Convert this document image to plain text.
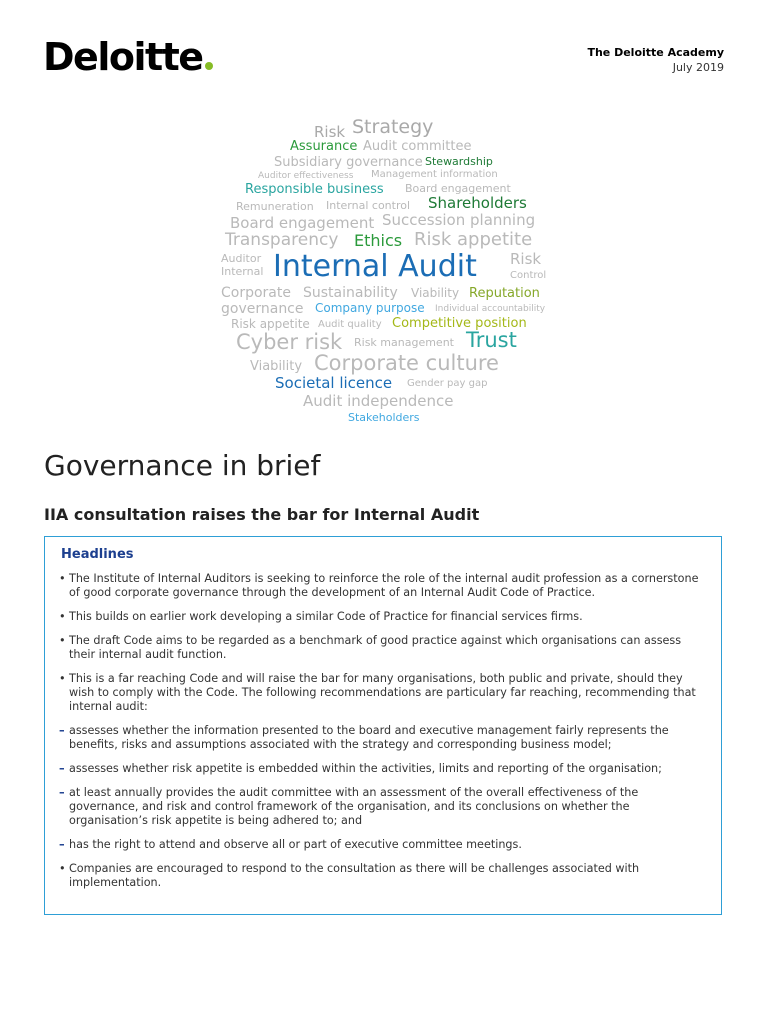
Deloitte	The Deloitte Academy
July 2019
Risk Strategy
Assurance Audit committee
Subsidiary governance Stewardship
Auditor effectiveness Management information
Responsible business Board engagement
Remuneration Internal control Shareholders
Board engagement Succession planning
Transparency Ethics Risk appetite
Auditor
Internal Internal Audit Risk
Control
Corporate Sustainability Viability Reputation
governance Company purpose Individual accountability
Risk appetite Audit quality Competitive position
Cyber risk Risk management Trust
Viability Corporate culture
Societal licence Gender pay gap
Audit independence
Stakeholders
Governance in brief
IIA consultation raises the bar for Internal Audit
Headlines
• The Institute of Internal Auditors is seeking to reinforce the role of the internal audit profession as a cornerstone of good corporate governance through the development of an Internal Audit Code of Practice.
• This builds on earlier work developing a similar Code of Practice for financial services firms.
• The draft Code aims to be regarded as a benchmark of good practice against which organisations can assess their internal audit function.
• This is a far reaching Code and will raise the bar for many organisations, both public and private, should they wish to comply with the Code. The following recommendations are particulary far reaching, recommending that internal audit:
– assesses whether the information presented to the board and executive management fairly represents the benefits, risks and assumptions associated with the strategy and corresponding business model;
– assesses whether risk appetite is embedded within the activities, limits and reporting of the organisation;
– at least annually provides the audit committee with an assessment of the overall effectiveness of the governance, and risk and control framework of the organisation, and its conclusions on whether the organisation’s risk appetite is being adhered to; and
– has the right to attend and observe all or part of executive committee meetings.
• Companies are encouraged to respond to the consultation as there will be challenges associated with implementation.
